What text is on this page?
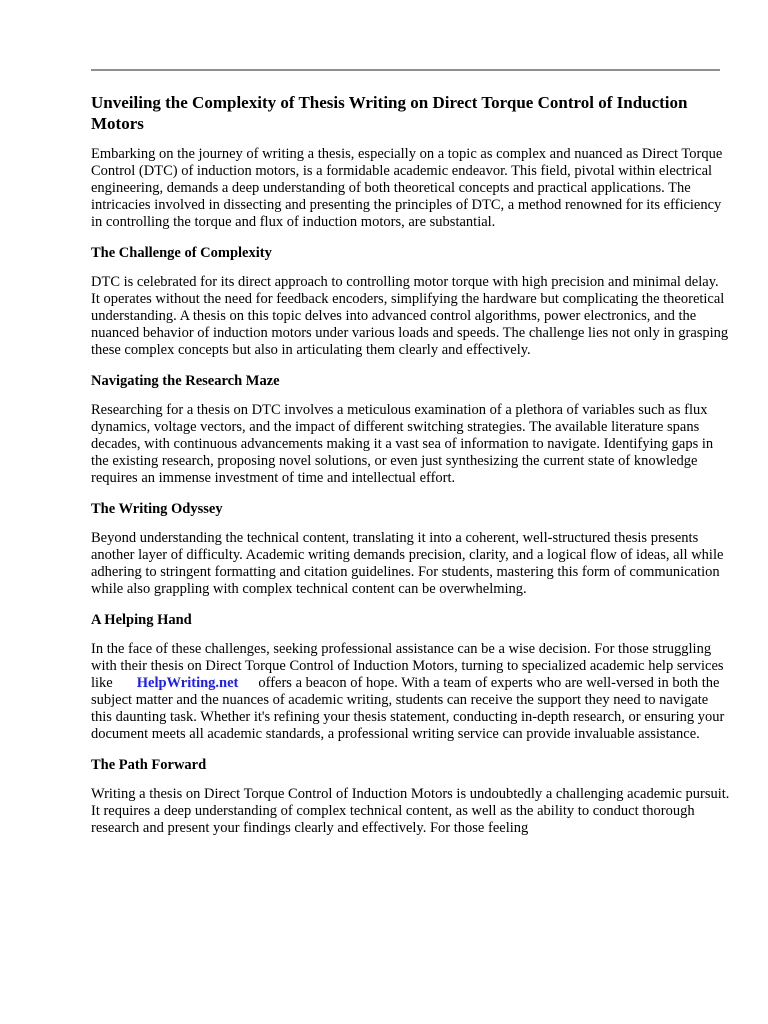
Unveiling the Complexity of Thesis Writing on Direct Torque Control of Induction Motors

Embarking on the journey of writing a thesis, especially on a topic as complex and nuanced as Direct Torque Control (DTC) of induction motors, is a formidable academic endeavor. This field, pivotal within electrical engineering, demands a deep understanding of both theoretical concepts and practical applications. The intricacies involved in dissecting and presenting the principles of DTC, a method renowned for its efficiency in controlling the torque and flux of induction motors, are substantial.

The Challenge of Complexity

DTC is celebrated for its direct approach to controlling motor torque with high precision and minimal delay. It operates without the need for feedback encoders, simplifying the hardware but complicating the theoretical understanding. A thesis on this topic delves into advanced control algorithms, power electronics, and the nuanced behavior of induction motors under various loads and speeds. The challenge lies not only in grasping these complex concepts but also in articulating them clearly and effectively.

Navigating the Research Maze

Researching for a thesis on DTC involves a meticulous examination of a plethora of variables such as flux dynamics, voltage vectors, and the impact of different switching strategies. The available literature spans decades, with continuous advancements making it a vast sea of information to navigate. Identifying gaps in the existing research, proposing novel solutions, or even just synthesizing the current state of knowledge requires an immense investment of time and intellectual effort.

The Writing Odyssey

Beyond understanding the technical content, translating it into a coherent, well-structured thesis presents another layer of difficulty. Academic writing demands precision, clarity, and a logical flow of ideas, all while adhering to stringent formatting and citation guidelines. For students, mastering this form of communication while also grappling with complex technical content can be overwhelming.

A Helping Hand

In the face of these challenges, seeking professional assistance can be a wise decision. For those struggling with their thesis on Direct Torque Control of Induction Motors, turning to specialized academic help services like HelpWriting.net offers a beacon of hope. With a team of experts who are well-versed in both the subject matter and the nuances of academic writing, students can receive the support they need to navigate this daunting task. Whether it's refining your thesis statement, conducting in-depth research, or ensuring your document meets all academic standards, a professional writing service can provide invaluable assistance.

The Path Forward

Writing a thesis on Direct Torque Control of Induction Motors is undoubtedly a challenging academic pursuit. It requires a deep understanding of complex technical content, as well as the ability to conduct thorough research and present your findings clearly and effectively. For those feeling
